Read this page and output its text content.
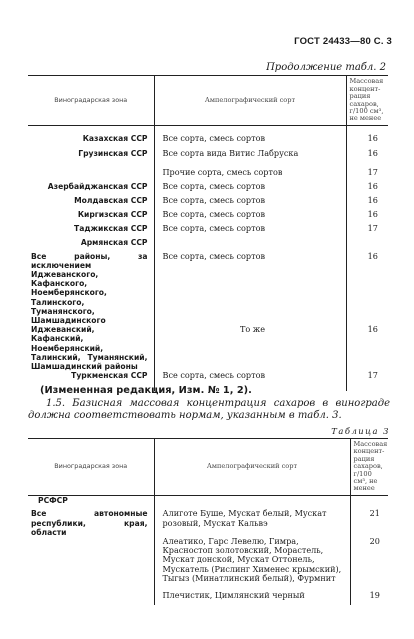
ГОСТ 24433—80 С. 3
Продолжение табл. 2
Виноградарская зона	Ампелографический сорт	Массовая концентрация сахаров, г/100 см³, не менее

Казахская ССР	Все сорта, смесь сортов	16
Грузинская ССР	Все сорта вида Витис Лабруска	16
	Прочие сорта, смесь сортов	17
Азербайджанская ССР	Все сорта, смесь сортов	16
Молдавская ССР	Все сорта, смесь сортов	16
Киргизская ССР	Все сорта, смесь сортов	16
Таджикская ССР	Все сорта, смесь сортов	17
Армянская ССР		
Все районы, за исключением Иджеванского, Кафанского, Ноемберянского, Талинского, Туманянского, Шамшадинского	Все сорта, смесь сортов	16
Иджеванский, Кафанский, Ноемберянский, Талинский, Туманянский, Шамшадинский районы	То же	16
Туркменская ССР	Все сорта, смесь сортов	17
(Измененная редакция, Изм. № 1, 2).
1.5. Базисная массовая концентрация сахаров в винограде должна соответствовать нормам, указанным в табл. 3.
Таблица 3
Виноградарская зона	Ампелографический сорт	Массовая концентрация сахаров, г/100 см³, не менее
РСФСР		
Все автономные республики, края, области	Алиготе Буше, Мускат белый, Мускат розовый, Мускат Кальвэ	21
	Алеатико, Гарс Левелю, Гимра, Красностоп золотовский, Морастель, Мускат донской, Мускат Оттонель, Мускатель (Рислинг Хименес крымский), Тыгыз (Минатлинский белый), Фурмнит	20
	Плечистик, Цимлянский черный	19
